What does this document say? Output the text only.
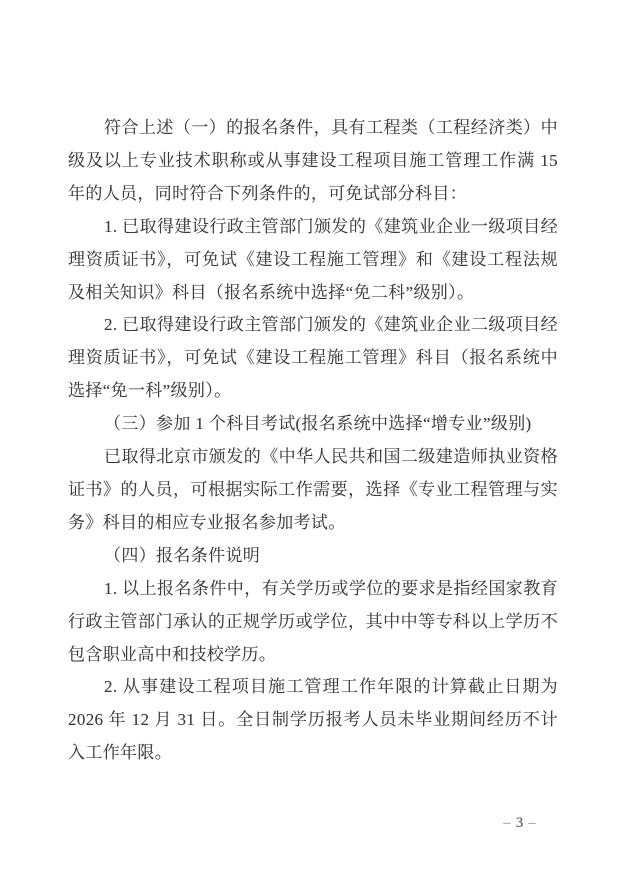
符合上述（一）的报名条件，具有工程类（工程经济类）中级及以上专业技术职称或从事建设工程项目施工管理工作满 15 年的人员，同时符合下列条件的，可免试部分科目：

1. 已取得建设行政主管部门颁发的《建筑业企业一级项目经理资质证书》，可免试《建设工程施工管理》和《建设工程法规及相关知识》科目（报名系统中选择“免二科”级别）。

2. 已取得建设行政主管部门颁发的《建筑业企业二级项目经理资质证书》，可免试《建设工程施工管理》科目（报名系统中选择“免一科”级别）。

（三）参加 1 个科目考试(报名系统中选择“增专业”级别)

已取得北京市颁发的《中华人民共和国二级建造师执业资格证书》的人员，可根据实际工作需要，选择《专业工程管理与实务》科目的相应专业报名参加考试。

（四）报名条件说明

1. 以上报名条件中，有关学历或学位的要求是指经国家教育行政主管部门承认的正规学历或学位，其中中等专科以上学历不包含职业高中和技校学历。

2. 从事建设工程项目施工管理工作年限的计算截止日期为 2026 年 12 月 31 日。全日制学历报考人员未毕业期间经历不计入工作年限。

– 3 –
